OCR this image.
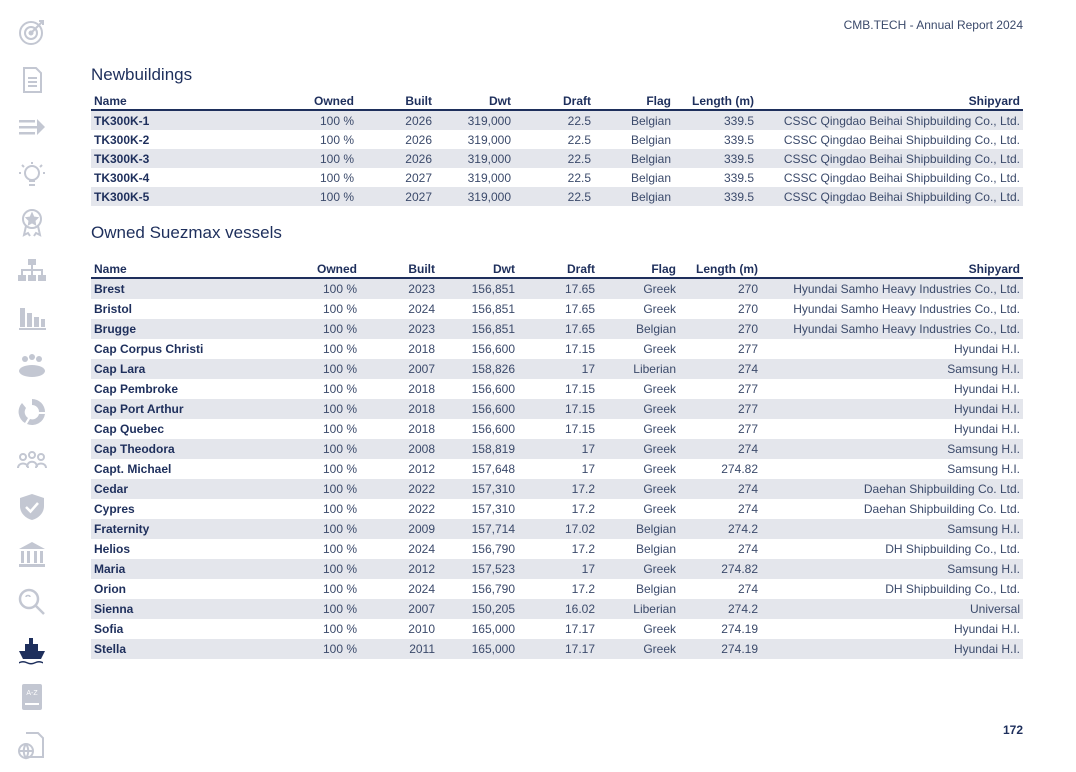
CMB.TECH - Annual Report 2024
A-Z
Newbuildings
Name	Owned	Built	Dwt	Draft	Flag	Length (m)	Shipyard
TK300K-1	100 %	2026	319,000	22.5	Belgian	339.5	CSSC Qingdao Beihai Shipbuilding Co., Ltd.
TK300K-2	100 %	2026	319,000	22.5	Belgian	339.5	CSSC Qingdao Beihai Shipbuilding Co., Ltd.
TK300K-3	100 %	2026	319,000	22.5	Belgian	339.5	CSSC Qingdao Beihai Shipbuilding Co., Ltd.
TK300K-4	100 %	2027	319,000	22.5	Belgian	339.5	CSSC Qingdao Beihai Shipbuilding Co., Ltd.
TK300K-5	100 %	2027	319,000	22.5	Belgian	339.5	CSSC Qingdao Beihai Shipbuilding Co., Ltd.
Owned Suezmax vessels
Name	Owned	Built	Dwt	Draft	Flag	Length (m)	Shipyard
Brest	100 %	2023	156,851	17.65	Greek	270	Hyundai Samho Heavy Industries Co., Ltd.
Bristol	100 %	2024	156,851	17.65	Greek	270	Hyundai Samho Heavy Industries Co., Ltd.
Brugge	100 %	2023	156,851	17.65	Belgian	270	Hyundai Samho Heavy Industries Co., Ltd.
Cap Corpus Christi	100 %	2018	156,600	17.15	Greek	277	Hyundai H.I.
Cap Lara	100 %	2007	158,826	17	Liberian	274	Samsung H.I.
Cap Pembroke	100 %	2018	156,600	17.15	Greek	277	Hyundai H.I.
Cap Port Arthur	100 %	2018	156,600	17.15	Greek	277	Hyundai H.I.
Cap Quebec	100 %	2018	156,600	17.15	Greek	277	Hyundai H.I.
Cap Theodora	100 %	2008	158,819	17	Greek	274	Samsung H.I.
Capt. Michael	100 %	2012	157,648	17	Greek	274.82	Samsung H.I.
Cedar	100 %	2022	157,310	17.2	Greek	274	Daehan Shipbuilding Co. Ltd.
Cypres	100 %	2022	157,310	17.2	Greek	274	Daehan Shipbuilding Co. Ltd.
Fraternity	100 %	2009	157,714	17.02	Belgian	274.2	Samsung H.I.
Helios	100 %	2024	156,790	17.2	Belgian	274	DH Shipbuilding Co., Ltd.
Maria	100 %	2012	157,523	17	Greek	274.82	Samsung H.I.
Orion	100 %	2024	156,790	17.2	Belgian	274	DH Shipbuilding Co., Ltd.
Sienna	100 %	2007	150,205	16.02	Liberian	274.2	Universal
Sofia	100 %	2010	165,000	17.17	Greek	274.19	Hyundai H.I.
Stella	100 %	2011	165,000	17.17	Greek	274.19	Hyundai H.I.
172
